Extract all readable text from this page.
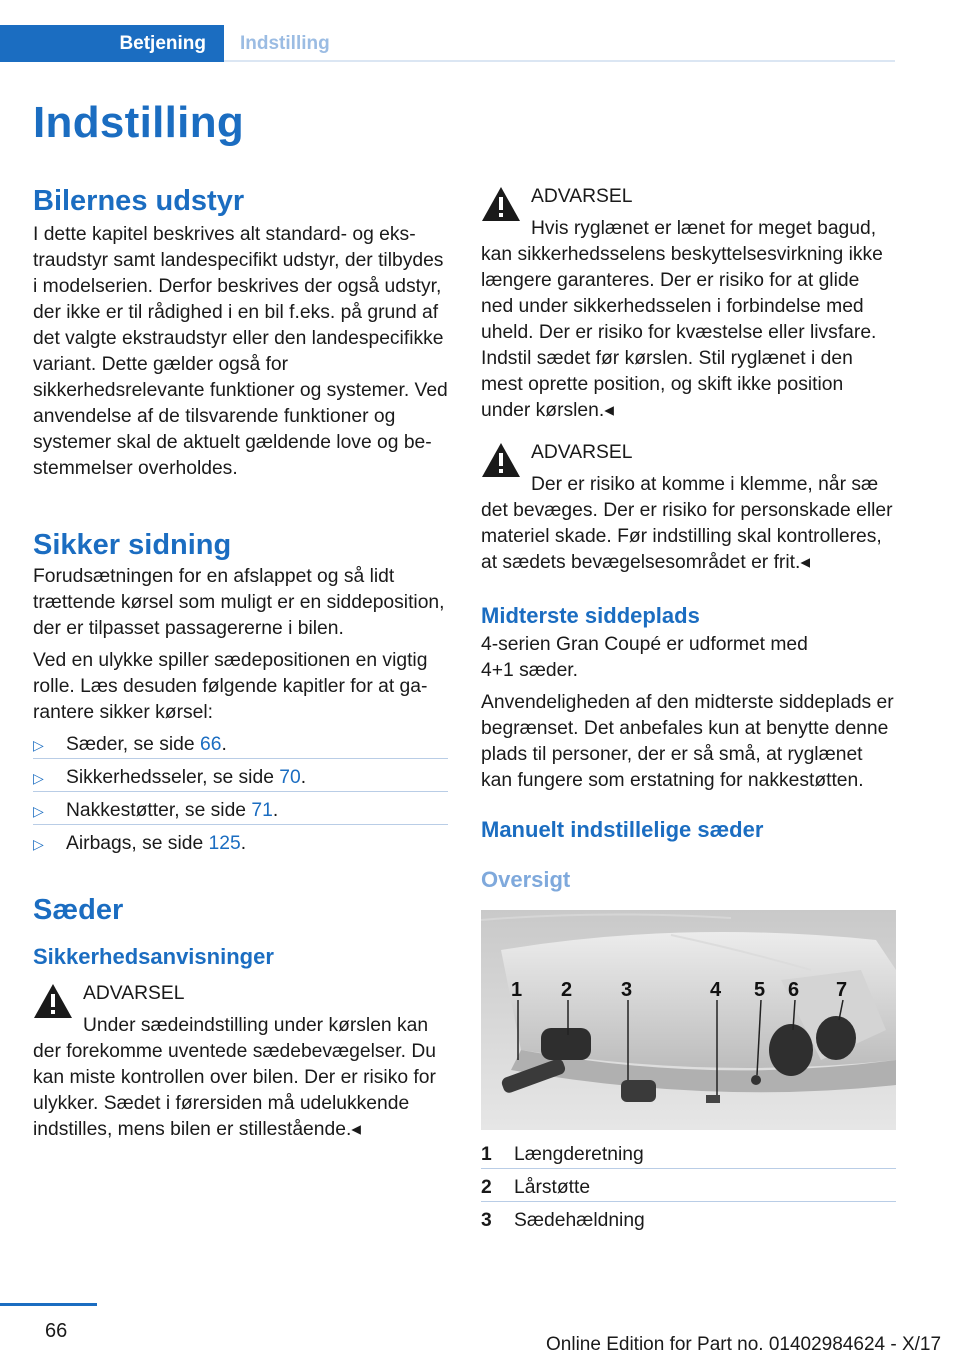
Betjening	Indstilling
Indstilling
Bilernes udstyr

I dette kapitel beskrives alt standard- og ekstraudstyr samt landespecifikt udstyr, der tilbydes i modelserien. Derfor beskrives der også udstyr, der ikke er til rådighed i en bil f.eks. på grund af det valgte ekstraudstyr eller den landespecifikke variant. Dette gælder også for sikkerhedsrelevante funktioner og systemer. Ved anvendelse af de tilsvarende funktioner og systemer skal de aktuelt gældende love og bestemmelser overholdes.

Sikker sidning

Forudsætningen for en afslappet og så lidt trættende kørsel som muligt er en siddeposition, der er tilpasset passagererne i bilen.

Ved en ulykke spiller sædepositionen en vigtig rolle. Læs desuden følgende kapitler for at garantere sikker kørsel:

▷ Sæder, se side 66.
▷ Sikkerhedsseler, se side 70.
▷ Nakkestøtter, se side 71.
▷ Airbags, se side 125.
Sæder
Sikkerhedsanvisninger
ADVARSEL
Under sædeindstilling under kørslen kan
der forekomme uventede sædebevægelser. Du kan miste kontrollen over bilen. Der er risiko for ulykker. Sædet i førersiden må udelukkende indstilles, mens bilen er stillestående.◂
ADVARSEL
Hvis ryglænet er lænet for meget bagud,
kan sikkerhedsselens beskyttelsesvirkning ikke længere garanteres. Der er risiko for at glide ned under sikkerhedsselen i forbindelse med uheld. Der er risiko for kvæstelse eller livsfare. Indstil sædet før kørslen. Stil ryglænet i den mest oprette position, og skift ikke position under kørslen.◂
ADVARSEL
Der er risiko at komme i klemme, når sæ
det bevæges. Der er risiko for personskade eller materiel skade. Før indstilling skal kontrolleres, at sædets bevægelsesområdet er frit.◂
Midterste siddeplads

4-serien Gran Coupé er udformet med 4+1 sæder.

Anvendeligheden af den midterste siddeplads er begrænset. Det anbefales kun at benytte denne plads til personer, der er så små, at ryglænet kan fungere som erstatning for nakkestøtten.

Manuelt indstillelige sæder
Oversigt
1 2 3	4 5 6 7
1	Længderetning
2	Lårstøtte
3	Sædehældning
66
Online Edition for Part no. 01402984624 - X/17
